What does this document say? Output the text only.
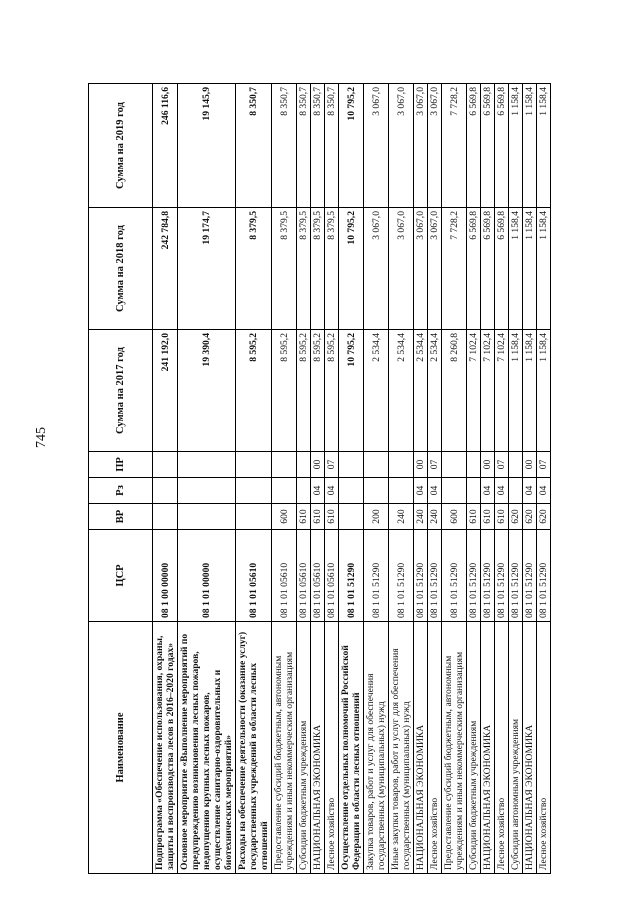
745
Наименование	ЦСР	ВР	Рз	ПР	Сумма на 2017 год	Сумма на 2018 год	Сумма на 2019 год
Подпрограмма «Обеспечение использования, охраны, защиты и воспроизводства лесов в 2016–2020 годах»	08 1 00 00000				241 192,0	242 784,8	246 116,6
Основное мероприятие «Выполнение мероприятий по предупреждению возникновения лесных пожаров, недопущению крупных лесных пожаров, осуществление санитарно-оздоровительных и биотехнических мероприятий»	08 1 01 00000				19 390,4	19 174,7	19 145,9
Расходы на обеспечение деятельности (оказание услуг) государственных учреждений в области лесных отношений	08 1 01 05610				8 595,2	8 379,5	8 350,7
Предоставление субсидий бюджетным, автономным учреждениям и иным некоммерческим организациям	08 1 01 05610	600			8 595,2	8 379,5	8 350,7
Субсидии бюджетным учреждениям	08 1 01 05610	610			8 595,2	8 379,5	8 350,7
НАЦИОНАЛЬНАЯ ЭКОНОМИКА	08 1 01 05610	610	04	00	8 595,2	8 379,5	8 350,7
Лесное хозяйство	08 1 01 05610	610	04	07	8 595,2	8 379,5	8 350,7
Осуществление отдельных полномочий Российской Федерации в области лесных отношений	08 1 01 51290				10 795,2	10 795,2	10 795,2
Закупка товаров, работ и услуг для обеспечения государственных (муниципальных) нужд	08 1 01 51290	200			2 534,4	3 067,0	3 067,0
Иные закупки товаров, работ и услуг для обеспечения государственных (муниципальных) нужд	08 1 01 51290	240			2 534,4	3 067,0	3 067,0
НАЦИОНАЛЬНАЯ ЭКОНОМИКА	08 1 01 51290	240	04	00	2 534,4	3 067,0	3 067,0
Лесное хозяйство	08 1 01 51290	240	04	07	2 534,4	3 067,0	3 067,0
Предоставление субсидий бюджетным, автономным учреждениям и иным некоммерческим организациям	08 1 01 51290	600			8 260,8	7 728,2	7 728,2
Субсидии бюджетным учреждениям	08 1 01 51290	610			7 102,4	6 569,8	6 569,8
НАЦИОНАЛЬНАЯ ЭКОНОМИКА	08 1 01 51290	610	04	00	7 102,4	6 569,8	6 569,8
Лесное хозяйство	08 1 01 51290	610	04	07	7 102,4	6 569,8	6 569,8
Субсидии автономным учреждениям	08 1 01 51290	620			1 158,4	1 158,4	1 158,4
НАЦИОНАЛЬНАЯ ЭКОНОМИКА	08 1 01 51290	620	04	00	1 158,4	1 158,4	1 158,4
Лесное хозяйство	08 1 01 51290	620	04	07	1 158,4	1 158,4	1 158,4
